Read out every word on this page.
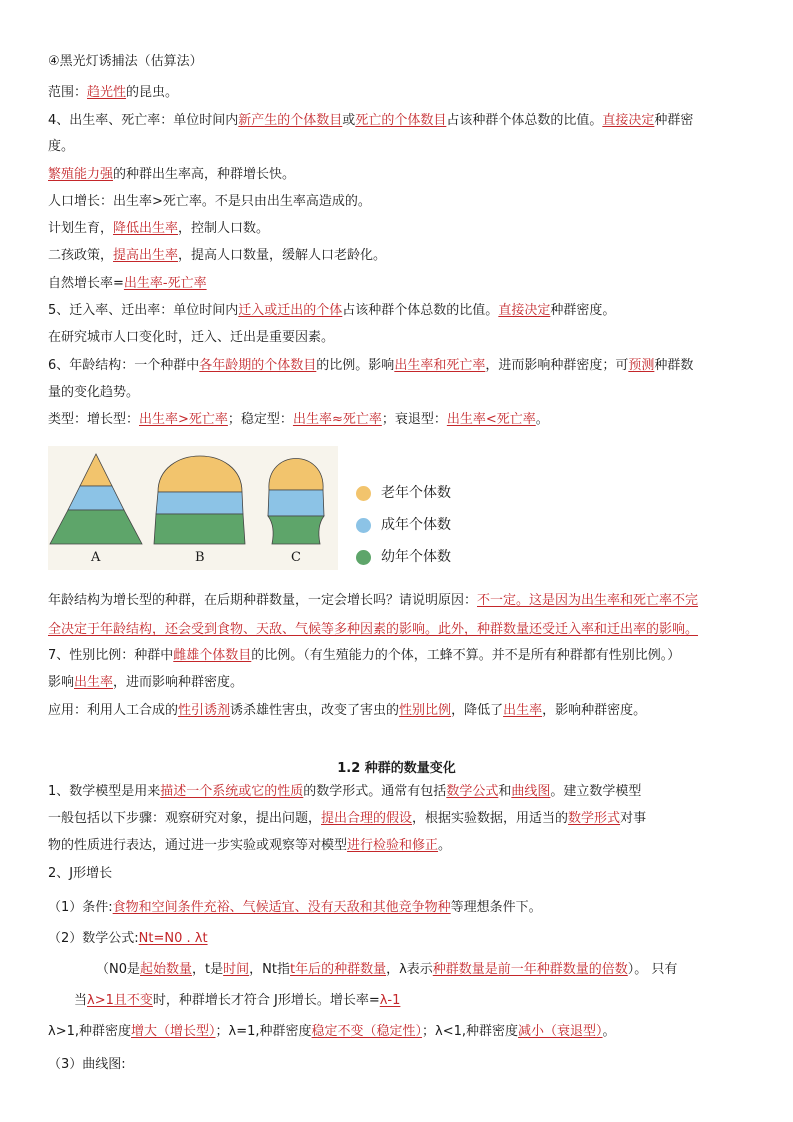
④黑光灯诱捕法（估算法）
范围：趋光性的昆虫。
4、出生率、死亡率：单位时间内新产生的个体数目或死亡的个体数目占该种群个体总数的比值。直接决定种群密
度。
繁殖能力强的种群出生率高，种群增长快。
人口增长：出生率>死亡率。不是只由出生率高造成的。
计划生育，降低出生率，控制人口数。
二孩政策，提高出生率，提高人口数量，缓解人口老龄化。
自然增长率=出生率-死亡率
5、迁入率、迁出率：单位时间内迁入或迁出的个体占该种群个体总数的比值。直接决定种群密度。
在研究城市人口变化时，迁入、迁出是重要因素。
6、年龄结构：一个种群中各年龄期的个体数目的比例。影响出生率和死亡率，进而影响种群密度；可预测种群数
量的变化趋势。
类型：增长型：出生率>死亡率；稳定型：出生率≈死亡率；衰退型：出生率<死亡率。
A	B	C
老年个体数
成年个体数
幼年个体数
年龄结构为增长型的种群，在后期种群数量，一定会增长吗？请说明原因：不一定。这是因为出生率和死亡率不完
全决定于年龄结构，还会受到食物、天敌、气候等多种因素的影响。此外，种群数量还受迁入率和迁出率的影响。
7、性别比例：种群中雌雄个体数目的比例。（有生殖能力的个体，工蜂不算。并不是所有种群都有性别比例。）
影响出生率，进而影响种群密度。
应用：利用人工合成的性引诱剂诱杀雄性害虫，改变了害虫的性别比例，降低了出生率，影响种群密度。
1.2 种群的数量变化
1、数学模型是用来描述一个系统或它的性质的数学形式。通常有包括数学公式和曲线图。建立数学模型
一般包括以下步骤：观察研究对象，提出问题，提出合理的假设，根据实验数据，用适当的数学形式对事
物的性质进行表达，通过进一步实验或观察等对模型进行检验和修正。
2、J形增长
（1）条件:食物和空间条件充裕、气候适宜、没有天敌和其他竞争物种等理想条件下。
（2）数学公式:Nt=N0 . λt
（N0是起始数量，t是时间，Nt指t年后的种群数量，λ表示种群数量是前一年种群数量的倍数）。 只有
当λ>1且不变时，种群增长才符合 J形增长。增长率=λ-1
λ>1,种群密度增大（增长型）；λ=1,种群密度稳定不变（稳定性）；λ<1,种群密度减小（衰退型）。
（3）曲线图:
